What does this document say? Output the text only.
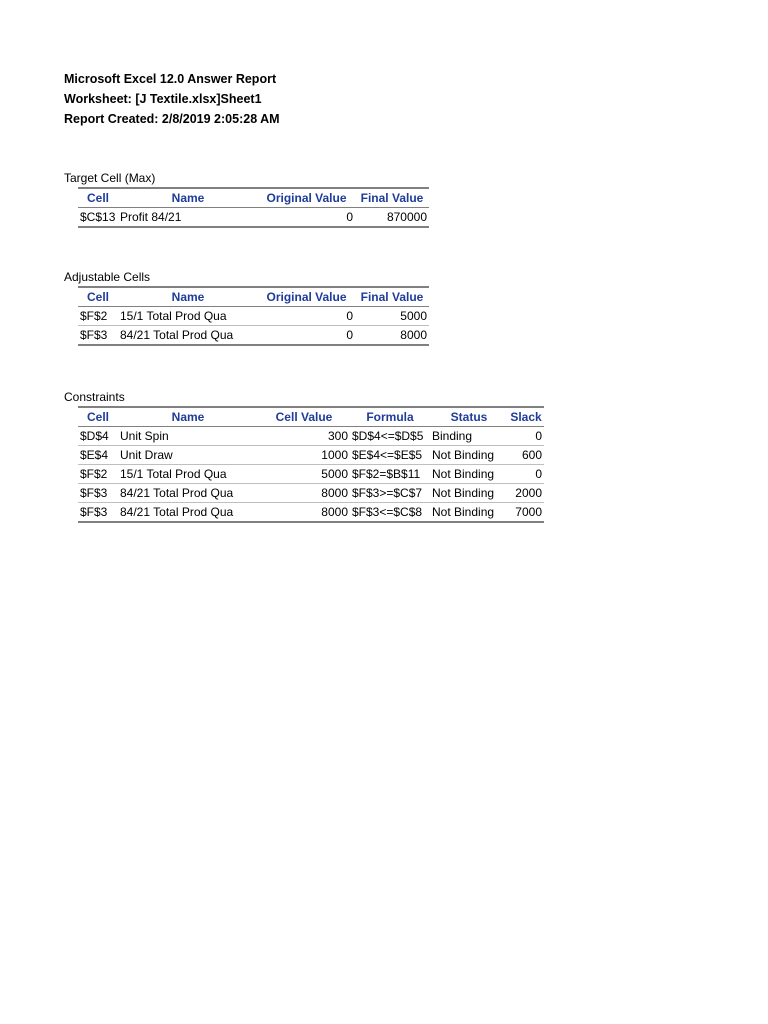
Microsoft Excel 12.0 Answer Report

Worksheet: [J Textile.xlsx]Sheet1

Report Created: 2/8/2019 2:05:28 AM

Target Cell (Max)

Cell	Name	Original Value	Final Value
$C$13	Profit 84/21	0	870000

Adjustable Cells

Cell	Name	Original Value	Final Value
$F$2	15/1 Total Prod Qua	0	5000
$F$3	84/21 Total Prod Qua	0	8000

Constraints

Cell	Name	Cell Value	Formula	Status	Slack
$D$4	Unit Spin	300	$D$4<=$D$5	Binding	0
$E$4	Unit Draw	1000	$E$4<=$E$5	Not Binding	600
$F$2	15/1 Total Prod Qua	5000	$F$2=$B$11	Not Binding	0
$F$3	84/21 Total Prod Qua	8000	$F$3>=$C$7	Not Binding	2000
$F$3	84/21 Total Prod Qua	8000	$F$3<=$C$8	Not Binding	7000
